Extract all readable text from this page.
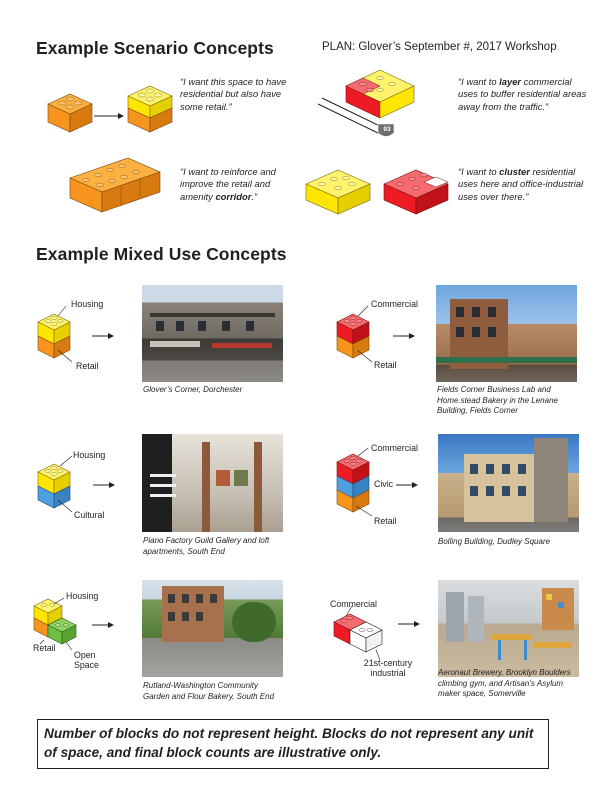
Example Scenario Concepts	PLAN: Glover’s September #, 2017 Workshop
“I want this space to have residential but also have some retail.”
93
“I want to layer commercial uses to buffer residential areas away from the traffic.”
“I want to reinforce and improve the retail and amenity corridor.”
“I want to cluster residential uses here and office-industrial uses over there.”
Example Mixed Use Concepts
Housing
Retail
Glover’s Corner, Dorchester
Commercial
Retail
Fields Corner Business Lab and Home.stead Bakery in the Lenane Building, Fields Corner
Housing
Cultural
Piano Factory Guild Gallery and loft apartments, South End
Commercial
Civic
Retail
Bolling Building, Dudley Square
Housing
Retail
Open Space
Rutland-Washington Community Garden and Flour Bakery, South End
Commercial
21st-century industrial	Aeronaut Brewery, Brooklyn Boulders climbing gym, and Artisan’s Asylum maker space, Somerville
Number of blocks do not represent height. Blocks do not represent any unit of space, and final block counts are illustrative only.
